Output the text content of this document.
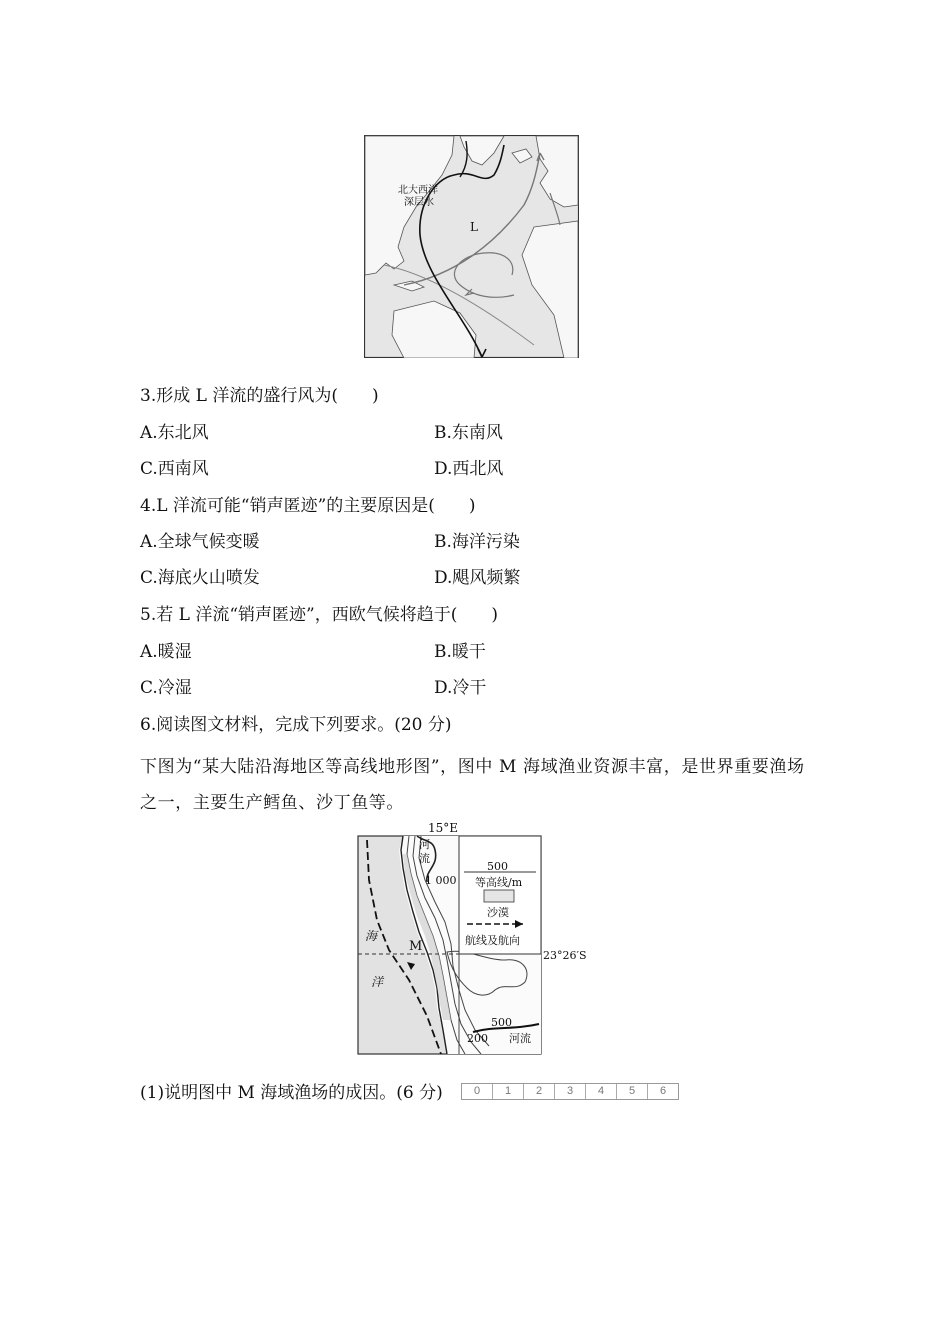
北大西洋
深层水
L
3.形成 L 洋流的盛行风为(　　)
A.东北风	B.东南风
C.西南风	D.西北风
4.L 洋流可能“销声匿迹”的主要原因是(　　)
A.全球气候变暖	B.海洋污染
C.海底火山喷发	D.飓风频繁
5.若 L 洋流“销声匿迹”，西欧气候将趋于(　　)
A.暖湿	B.暖干
C.冷湿	D.冷干
6.阅读图文材料，完成下列要求。(20 分)
下图为“某大陆沿海地区等高线地形图”，图中 M 海域渔业资源丰富，是世界重要渔场之一，主要生产鳕鱼、沙丁鱼等。
15°E
河
流
1 000
海
洋
M
23°26′S
500
200 河流
500
等高线/m
沙漠
航线及航向
(1)说明图中 M 海域渔场的成因。(6 分)	0	1	2	3	4	5	6
